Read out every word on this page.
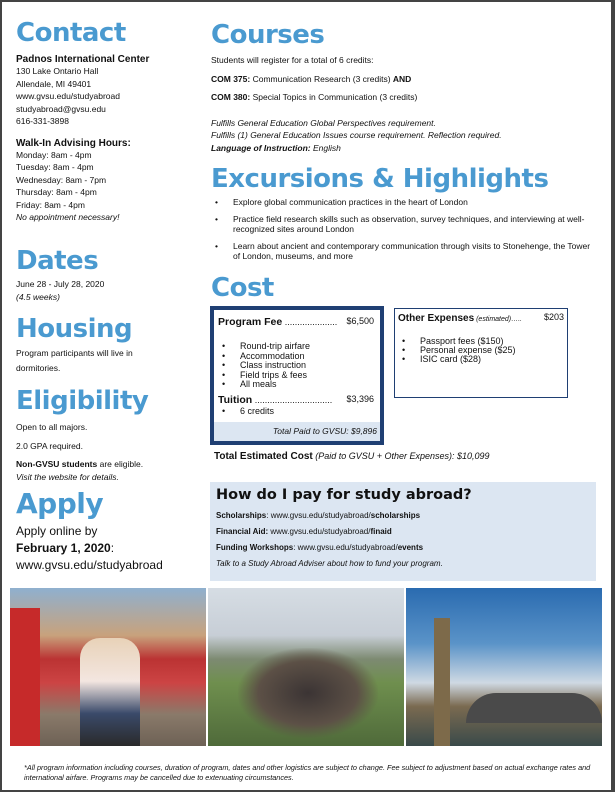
Contact
Padnos International Center
130 Lake Ontario Hall
Allendale, MI 49401
www.gvsu.edu/studyabroad
studyabroad@gvsu.edu
616-331-3898
Walk-In Advising Hours:
Monday: 8am - 4pm
Tuesday: 8am - 4pm
Wednesday: 8am - 7pm
Thursday: 8am - 4pm
Friday: 8am - 4pm
No appointment necessary!
Dates
June 28 - July 28, 2020
(4.5 weeks)
Housing
Program participants will live in dormitories.
Eligibility
Open to all majors.
2.0 GPA required.
Non-GVSU students are eligible.
Visit the website for details.
Apply
Apply online by
February 1, 2020:
www.gvsu.edu/studyabroad
Courses
Students will register for a total of 6 credits:
COM 375: Communication Research (3 credits) AND
COM 380: Special Topics in Communication (3 credits)
Fulfills General Education Global Perspectives requirement.
Fulfills (1) General Education Issues course requirement. Reflection required.
Language of Instruction: English
Excursions & Highlights
• Explore global communication practices in the heart of London
• Practice field research skills such as observation, survey techniques, and interviewing at well-recognized sites around London
• Learn about ancient and contemporary communication through visits to Stonehenge, the Tower of London, museums, and more
Cost
Program Fee ..................... $6,500
• Round-trip airfare
• Accommodation
• Class instruction
• Field trips & fees
• All meals
Tuition ............................... $3,396
• 6 credits
Total Paid to GVSU: $9,896
Other Expenses (estimated)….. $203
• Passport fees ($150)
• Personal expense ($25)
• ISIC card ($28)
Total Estimated Cost (Paid to GVSU + Other Expenses): $10,099
How do I pay for study abroad?
Scholarships: www.gvsu.edu/studyabroad/scholarships
Financial Aid: www.gvsu.edu/studyabroad/finaid
Funding Workshops: www.gvsu.edu/studyabroad/events
Talk to a Study Abroad Adviser about how to fund your program.
*All program information including courses, duration of program, dates and other logistics are subject to change. Fee subject to adjustment based on actual exchange rates and international airfare. Programs may be cancelled due to extenuating circumstances.
